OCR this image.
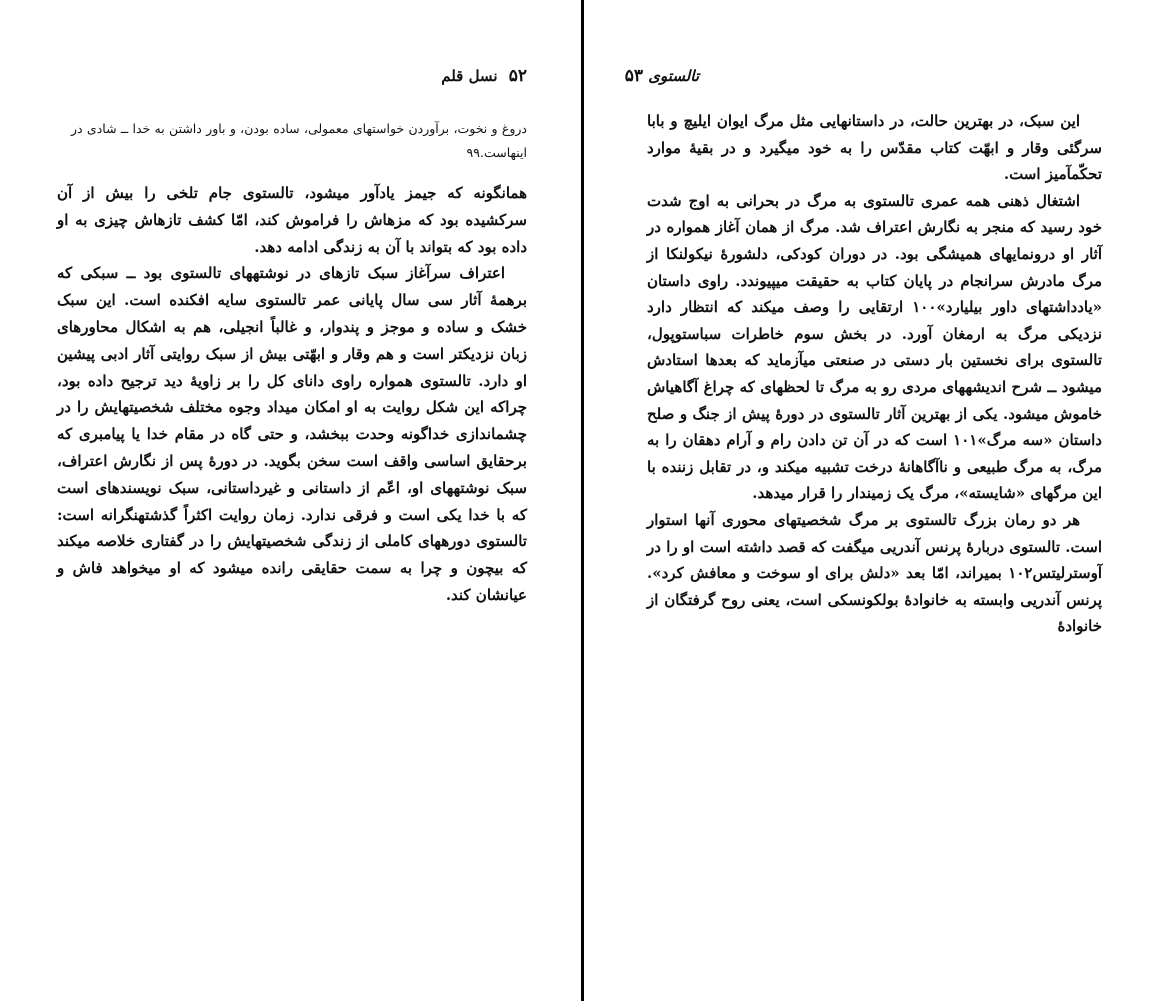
۵۲ نسل قلم
دروغ و نخوت، برآوردن خواستهای معمولی، ساده بودن، و باور داشتن به خدا ــ شادی در اینهاست.۹۹

همانگونه که جیمز یادآور میشود، تالستوی جام تلخی را بیش از آن سرکشیده بود که مزهاش را فراموش کند، امّا کشف تازهاش چیزی به او داده بود که بتواند با آن به زندگی ادامه دهد.

اعتراف سرآغاز سبک تازهای در نوشتههای تالستوی بود ــ سبکی که برهمهٔ آثار سی سال پایانی عمر تالستوی سایه افکنده است. این سبک خشک و ساده و موجز و پندوار، و غالباً انجیلی، هم به اشکال محاورهای زبان نزدیکتر است و هم وقار و ابهّتی بیش از سبک روایتی آثار ادبی پیشین او دارد. تالستوی همواره راوی دانای کل را بر زاویهٔ دید ترجیح داده بود، چراکه این شکل روایت به او امکان میداد وجوه مختلف شخصیتهایش را در چشماندازی خداگونه وحدت ببخشد، و حتی گاه در مقام خدا یا پیامبری که برحقایق اساسی واقف است سخن بگوید. در دورهٔ پس از نگارش اعتراف، سبک نوشتههای او، اعّم از داستانی و غیرداستانی، سبک نویسندهای است که با خدا یکی است و فرقی ندارد. زمان روایت اکثراً گذشتهنگرانه است: تالستوی دورههای کاملی از زندگی شخصیتهایش را در گفتاری خلاصه میکند که بیچون و چرا به سمت حقایقی رانده میشود که او میخواهد فاش و عیانشان کند.

تالستوی ۵۳

این سبک، در بهترین حالت، در داستانهایی مثل مرگ ایوان ایلیچ و بابا سرگئی وقار و ابهّت کتاب مقدّس را به خود میگیرد و در بقیهٔ موارد تحکّمآمیز است.

اشتغال ذهنی همه عمری تالستوی به مرگ در بحرانی به اوج شدت خود رسید که منجر به نگارش اعتراف شد. مرگ از همان آغاز همواره در آثار او درونمایهای همیشگی بود. در دوران کودکی، دلشورهٔ نیکولنکا از مرگ مادرش سرانجام در پایان کتاب به حقیقت میپیوندد. راوی داستان «یادداشتهای داور بیلیارد»۱۰۰ ارتقایی را وصف میکند که انتظار دارد نزدیکی مرگ به ارمغان آورد. در بخش سوم خاطرات سباستوپول، تالستوی برای نخستین بار دستی در صنعتی میآزماید که بعدها استادش میشود ــ شرح اندیشههای مردی رو به مرگ تا لحظهای که چراغ آگاهیاش خاموش میشود. یکی از بهترین آثار تالستوی در دورهٔ پیش از جنگ و صلح داستان «سه مرگ»۱۰۱ است که در آن تن دادن رام و آرام دهقان را به مرگ، به مرگ طبیعی و ناآگاهانهٔ درخت تشبیه میکند و، در تقابل زننده با این مرگهای «شایسته»، مرگ یک زمیندار را قرار میدهد.

هر دو رمان بزرگ تالستوی بر مرگ شخصیتهای محوری آنها استوار است. تالستوی دربارهٔ پرنس آندریی میگفت که قصد داشته است او را در آوسترلیتس۱۰۲ بمیراند، امّا بعد «دلش برای او سوخت و معافش کرد». پرنس آندریی وابسته به خانوادهٔ بولکونسکی است، یعنی روح گرفتگان از خانوادهٔ
